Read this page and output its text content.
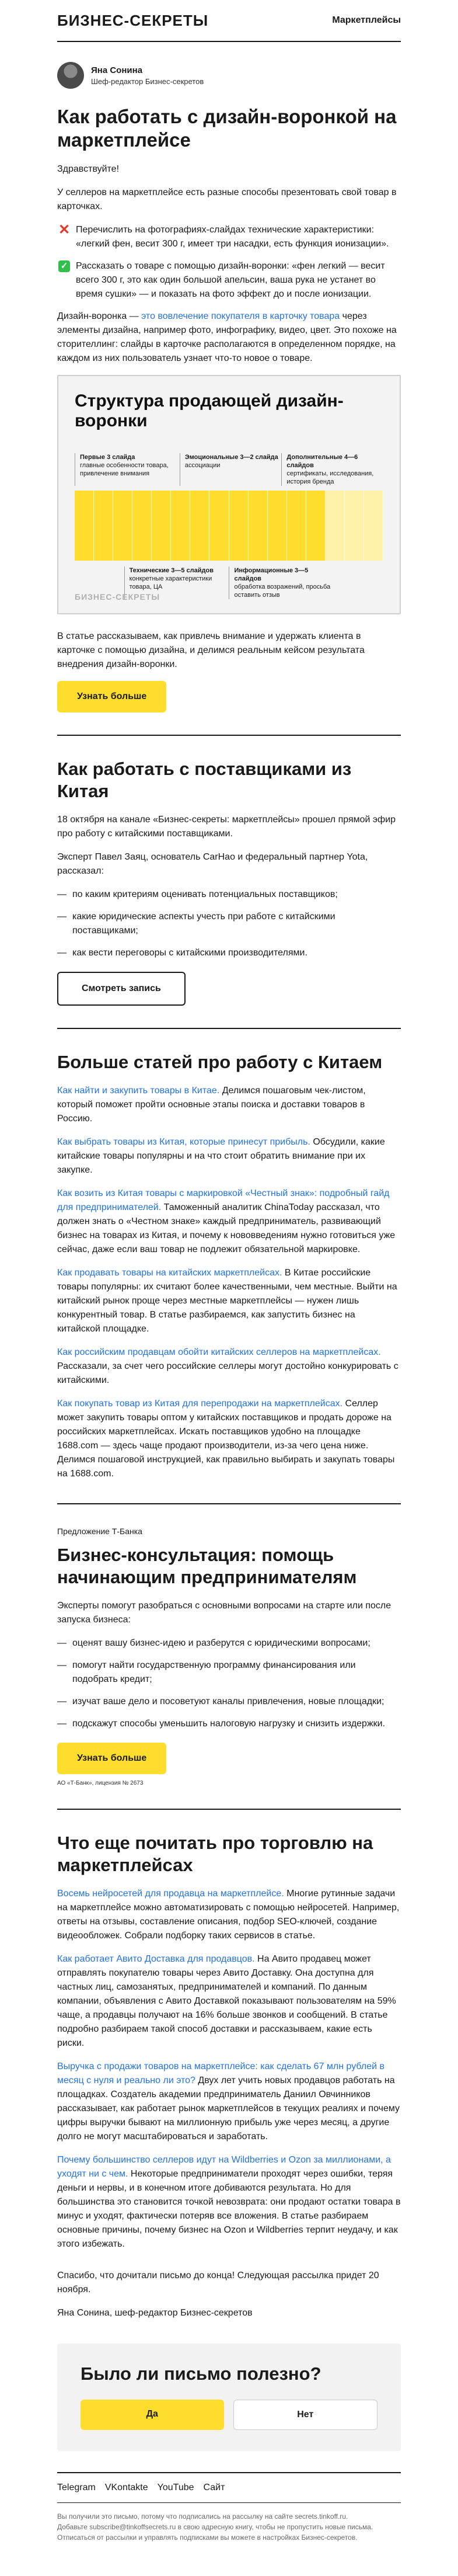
БИЗНЕС-СЕКРЕТЫ	Маркетплейсы
Яна Сонина
Шеф-редактор Бизнес-секретов
Как работать с дизайн-воронкой на маркетплейсе

Здравствуйте!

У селлеров на маркетплейсе есть разные способы презентовать свой товар в карточках.

✕ Перечислить на фотографиях-слайдах технические характеристики: «легкий фен, весит 300 г, имеет три насадки, есть функция ионизации».
✓ Рассказать о товаре с помощью дизайн-воронки: «фен легкий — весит всего 300 г, это как один большой апельсин, ваша рука не устанет во время сушки» — и показать на фото эффект до и после ионизации.

Дизайн-воронка — это вовлечение покупателя в карточку товара через элементы дизайна, например фото, инфографику, видео, цвет. Это похоже на сторителлинг: слайды в карточке располагаются в определенном порядке, на каждом из них пользователь узнает что-то новое о товаре.

Структура продающей дизайн-воронки
Первые 3 слайда
главные особенности товара, привлечение внимания
Эмоциональные 3—2 слайда
ассоциации
Дополнительные 4—6 слайдов
сертификаты, исследования, история бренда
Технические 3—5 слайдов
конкретные характеристики товара, ЦА
Информационные 3—5 слайдов
обработка возражений, просьба оставить отзыв
БИЗНЕС-СЕКРЕТЫ

В статье рассказываем, как привлечь внимание и удержать клиента в карточке с помощью дизайна, и делимся реальным кейсом результата внедрения дизайн-воронки.

Узнать больше
Как работать с поставщиками из Китая

18 октября на канале «Бизнес-секреты: маркетплейсы» прошел прямой эфир про работу с китайскими поставщиками.

Эксперт Павел Заяц, основатель CarHao и федеральный партнер Yota, рассказал:

— по каким критериям оценивать потенциальных поставщиков;
— какие юридические аспекты учесть при работе с китайскими поставщиками;
— как вести переговоры с китайскими производителями.
Смотреть запись
Больше статей про работу с Китаем

Как найти и закупить товары в Китае. Делимся пошаговым чек-листом, который поможет пройти основные этапы поиска и доставки товаров в Россию.

Как выбрать товары из Китая, которые принесут прибыль. Обсудили, какие китайские товары популярны и на что стоит обратить внимание при их закупке.

Как возить из Китая товары с маркировкой «Честный знак»: подробный гайд для предпринимателей. Таможенный аналитик ChinaToday рассказал, что должен знать о «Честном знаке» каждый предприниматель, развивающий бизнес на товарах из Китая, и почему к нововведениям нужно готовиться уже сейчас, даже если ваш товар не подлежит обязательной маркировке.

Как продавать товары на китайских маркетплейсах. В Китае российские товары популярны: их считают более качественными, чем местные. Выйти на китайский рынок проще через местные маркетплейсы — нужен лишь конкурентный товар. В статье разбираемся, как запустить бизнес на китайской площадке.

Как российским продавцам обойти китайских селлеров на маркетплейсах. Рассказали, за счет чего российские селлеры могут достойно конкурировать с китайскими.

Как покупать товар из Китая для перепродажи на маркетплейсах. Селлер может закупить товары оптом у китайских поставщиков и продать дороже на российских маркетплейсах. Искать поставщиков удобно на площадке 1688.com — здесь чаще продают производители, из-за чего цена ниже. Делимся пошаговой инструкцией, как правильно выбирать и закупать товары на 1688.com.

Предложение Т-Банка
Бизнес-консультация: помощь начинающим предпринимателям

Эксперты помогут разобраться с основными вопросами на старте или после запуска бизнеса:

— оценят вашу бизнес-идею и разберутся с юридическими вопросами;
— помогут найти государственную программу финансирования или подобрать кредит;
— изучат ваше дело и посоветуют каналы привлечения, новые площадки;
— подскажут способы уменьшить налоговую нагрузку и снизить издержки.
Узнать больше
АО «Т-Банк», лицензия № 2673
Что еще почитать про торговлю на маркетплейсах

Восемь нейросетей для продавца на маркетплейсе. Многие рутинные задачи на маркетплейсе можно автоматизировать с помощью нейросетей. Например, ответы на отзывы, составление описания, подбор SEO-ключей, создание видеообложек. Собрали подборку таких сервисов в статье.

Как работает Авито Доставка для продавцов. На Авито продавец может отправлять покупателю товары через Авито Доставку. Она доступна для частных лиц, самозанятых, предпринимателей и компаний. По данным компании, объявления с Авито Доставкой показывают пользователям на 59% чаще, а продавцы получают на 16% больше звонков и сообщений. В статье подробно разбираем такой способ доставки и рассказываем, какие есть риски.

Выручка с продажи товаров на маркетплейсе: как сделать 67 млн рублей в месяц с нуля и реально ли это? Двух лет учить новых продавцов работать на площадках. Создатель академии предприниматель Даниил Овчинников рассказывает, как работает рынок маркетплейсов в текущих реалиях и почему цифры выручки бывают на миллионную прибыль уже через месяц, а другие долго не могут масштабироваться и заработать.

Почему большинство селлеров идут на Wildberries и Ozon за миллионами, а уходят ни с чем. Некоторые предприниматели проходят через ошибки, теряя деньги и нервы, и в конечном итоге добиваются результата. Но для большинства это становится точкой невозврата: они продают остатки товара в минус и уходят, фактически потеряв все вложения. В статье разбираем основные причины, почему бизнес на Ozon и Wildberries терпит неудачу, и как этого избежать.

Спасибо, что дочитали письмо до конца! Следующая рассылка придет 20 ноября.

Яна Сонина, шеф-редактор Бизнес-секретов

Было ли письмо полезно?
Да	Нет
Telegram VKontakte YouTube Сайт
Вы получили это письмо, потому что подписались на рассылку на сайте secrets.tinkoff.ru.
Добавьте subscribe@tinkoffsecrets.ru в свою адресную книгу, чтобы не пропустить новые письма.
Отписаться от рассылки и управлять подписками вы можете в настройках Бизнес-секретов.
